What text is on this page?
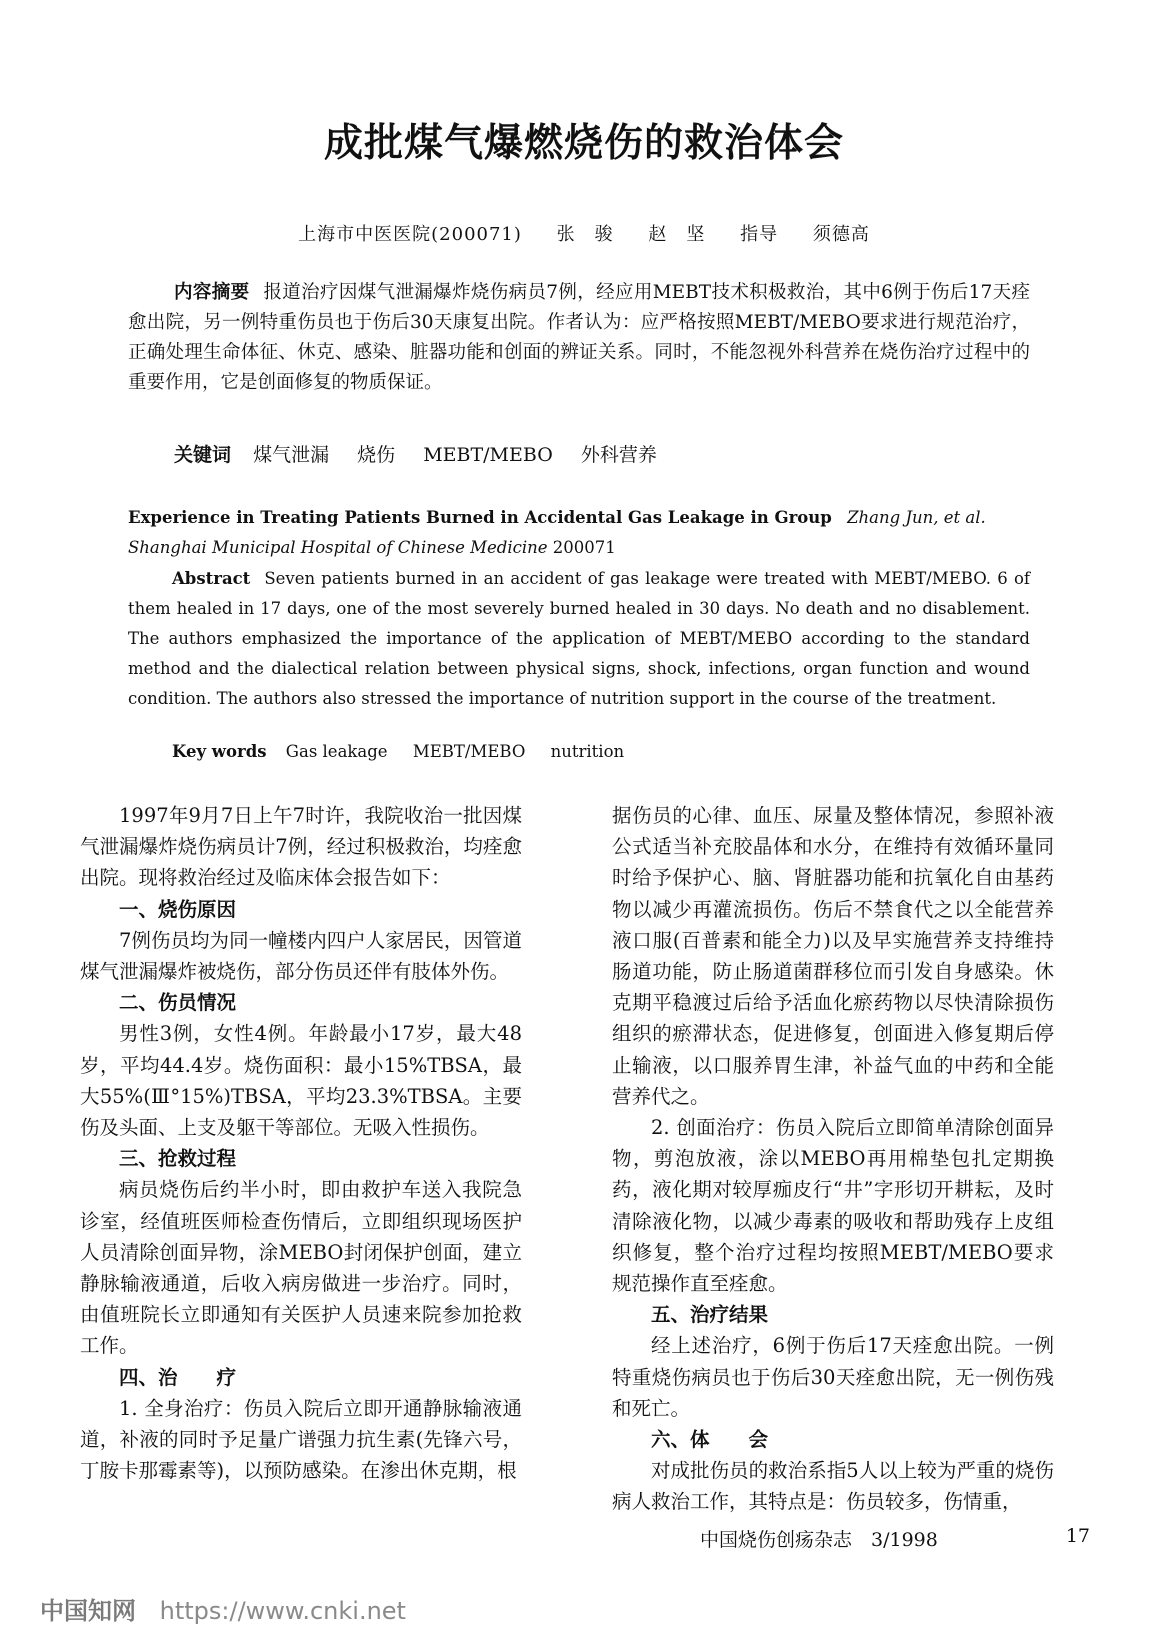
成批煤气爆燃烧伤的救治体会
上海市中医医院(200071) 张　骏 赵　坚 指导 须德高
内容摘要 报道治疗因煤气泄漏爆炸烧伤病员7例，经应用MEBT技术积极救治，其中6例于伤后17天痊愈出院，另一例特重伤员也于伤后30天康复出院。作者认为：应严格按照MEBT/MEBO要求进行规范治疗，正确处理生命体征、休克、感染、脏器功能和创面的辨证关系。同时，不能忽视外科营养在烧伤治疗过程中的重要作用，它是创面修复的物质保证。
关键词 煤气泄漏 烧伤 MEBT/MEBO 外科营养
Experience in Treating Patients Burned in Accidental Gas Leakage in Group Zhang Jun, et al.
Shanghai Municipal Hospital of Chinese Medicine 200071
Abstract Seven patients burned in an accident of gas leakage were treated with MEBT/MEBO. 6 of them healed in 17 days, one of the most severely burned healed in 30 days. No death and no disablement. The authors emphasized the importance of the application of MEBT/MEBO according to the standard method and the dialectical relation between physical signs, shock, infections, organ function and wound condition. The authors also stressed the importance of nutrition support in the course of the treatment.
Key words Gas leakage MEBT/MEBO nutrition

1997年9月7日上午7时许，我院收治一批因煤气泄漏爆炸烧伤病员计7例，经过积极救治，均痊愈出院。现将救治经过及临床体会报告如下：

一、烧伤原因

7例伤员均为同一幢楼内四户人家居民，因管道煤气泄漏爆炸被烧伤，部分伤员还伴有肢体外伤。

二、伤员情况

男性3例，女性4例。年龄最小17岁，最大48岁，平均44.4岁。烧伤面积：最小15%TBSA，最大55%(Ⅲ°15%)TBSA，平均23.3%TBSA。主要伤及头面、上支及躯干等部位。无吸入性损伤。

三、抢救过程

病员烧伤后约半小时，即由救护车送入我院急诊室，经值班医师检查伤情后，立即组织现场医护人员清除创面异物，涂MEBO封闭保护创面，建立静脉输液通道，后收入病房做进一步治疗。同时，由值班院长立即通知有关医护人员速来院参加抢救工作。

四、治　　疗

1. 全身治疗：伤员入院后立即开通静脉输液通道，补液的同时予足量广谱强力抗生素(先锋六号，丁胺卡那霉素等)，以预防感染。在渗出休克期，根

据伤员的心律、血压、尿量及整体情况，参照补液公式适当补充胶晶体和水分，在维持有效循环量同时给予保护心、脑、肾脏器功能和抗氧化自由基药物以减少再灌流损伤。伤后不禁食代之以全能营养液口服(百普素和能全力)以及早实施营养支持维持肠道功能，防止肠道菌群移位而引发自身感染。休克期平稳渡过后给予活血化瘀药物以尽快清除损伤组织的瘀滞状态，促进修复，创面进入修复期后停止输液，以口服养胃生津，补益气血的中药和全能营养代之。

2. 创面治疗：伤员入院后立即简单清除创面异物，剪泡放液，涂以MEBO再用棉垫包扎定期换药，液化期对较厚痂皮行“井”字形切开耕耘，及时清除液化物，以减少毒素的吸收和帮助残存上皮组织修复，整个治疗过程均按照MEBT/MEBO要求规范操作直至痊愈。

五、治疗结果

经上述治疗，6例于伤后17天痊愈出院。一例特重烧伤病员也于伤后30天痊愈出院，无一例伤残和死亡。

六、体　　会

对成批伤员的救治系指5人以上较为严重的烧伤病人救治工作，其特点是：伤员较多，伤情重，

中国烧伤创疡杂志　3/1998	17
中国知网 https://www.cnki.net
